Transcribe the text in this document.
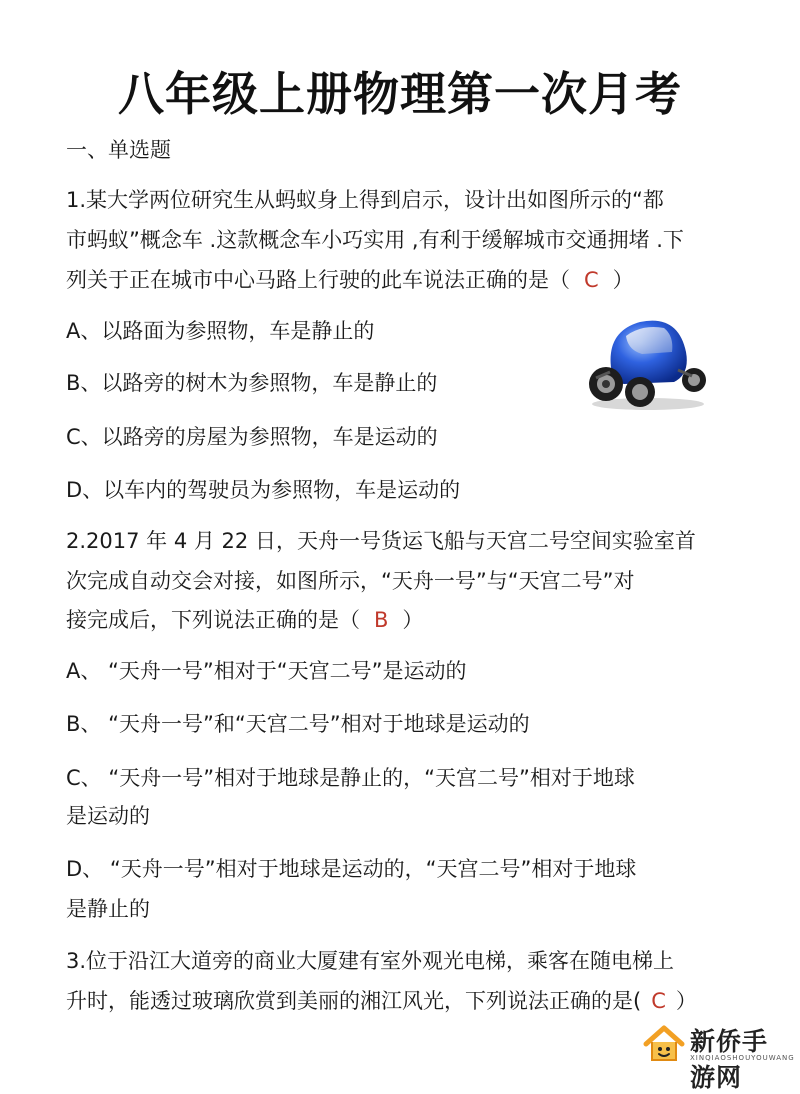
八年级上册物理第一次月考
一、单选题
1.某大学两位研究生从蚂蚁身上得到启示，设计出如图所示的“都
市蚂蚁”概念车 .这款概念车小巧实用 ,有利于缓解城市交通拥堵 .下
列关于正在城市中心马路上行驶的此车说法正确的是（ C ）
A、以路面为参照物，车是静止的
B、以路旁的树木为参照物，车是静止的
C、以路旁的房屋为参照物，车是运动的
D、以车内的驾驶员为参照物，车是运动的
2.2017 年 4 月 22 日，天舟一号货运飞船与天宫二号空间实验室首
次完成自动交会对接，如图所示，“天舟一号”与“天宫二号”对
接完成后，下列说法正确的是（ B ）
A、 “天舟一号”相对于“天宫二号”是运动的
B、 “天舟一号”和“天宫二号”相对于地球是运动的
C、 “天舟一号”相对于地球是静止的，“天宫二号”相对于地球
是运动的
D、 “天舟一号”相对于地球是运动的，“天宫二号”相对于地球
是静止的
3.位于沿江大道旁的商业大厦建有室外观光电梯，乘客在随电梯上
升时，能透过玻璃欣赏到美丽的湘江风光，下列说法正确的是( C ）
新侨手游网
XINQIAOSHOUYOUWANG
